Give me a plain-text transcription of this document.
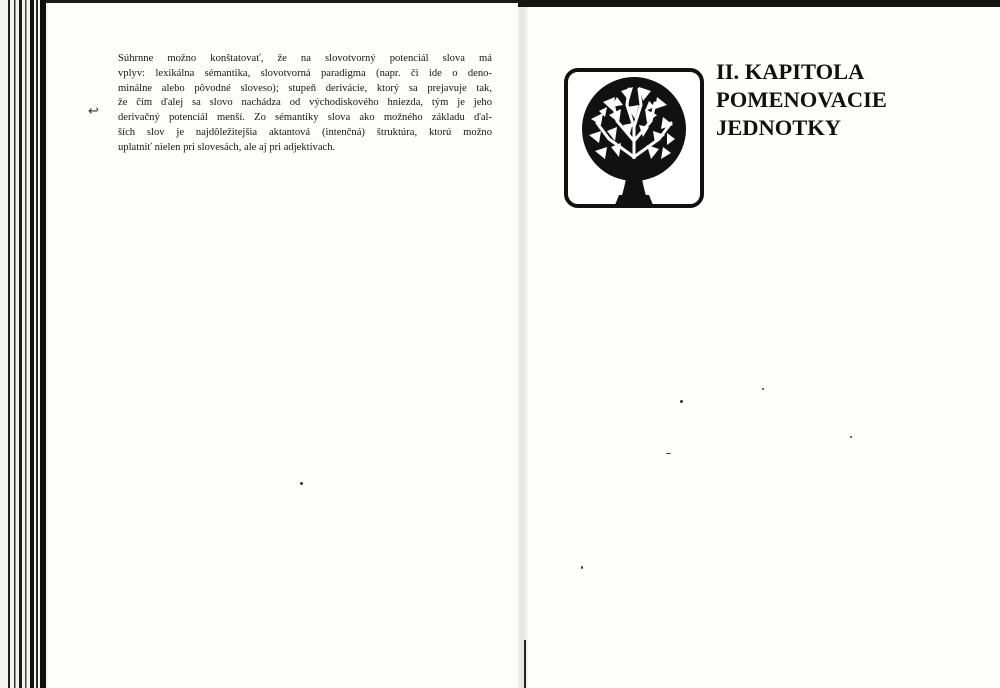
↩

Súhrnne možno konštatovať, že na slovotvorný potenciál slova má
vplyv: lexikálna sémantika, slovotvorná paradigma (napr. či ide o deno-
minálne alebo pôvodné sloveso); stupeň derivácie, ktorý sa prejavuje tak,
že čím ďalej sa slovo nachádza od východiskového hniezda, tým je jeho
derivačný potenciál menší. Zo sémantiky slova ako možného základu ďal-
ších slov je najdôležitejšia aktantová (intenčná) štruktúra, ktorú možno
uplatniť nielen pri slovesách, ale aj pri adjektívach.

II. KAPITOLA
POMENOVACIE
JEDNOTKY
